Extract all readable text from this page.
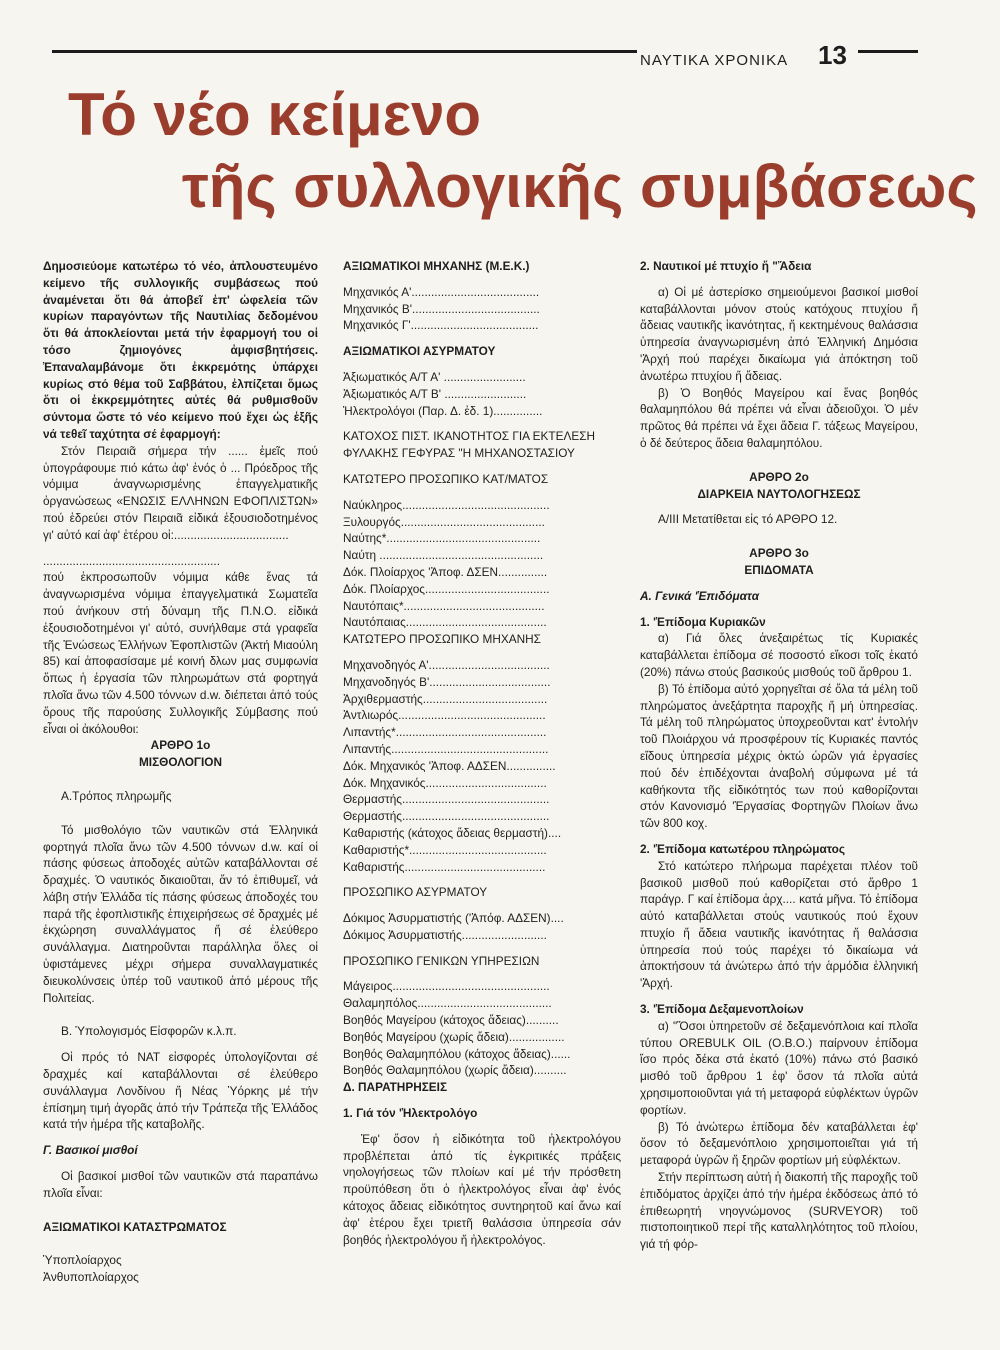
ΝΑΥΤΙΚΑ ΧΡΟΝΙΚΑ 13
Τό νέο κείμενο
τῆς συλλογικῆς συμβάσεως

Δημοσιεύομε κατωτέρω τό νέο, ἀπλουστευμένο κείμενο τῆς συλλογικῆς συμβάσεως πού ἀναμένεται ὅτι θά ἀποβεῖ ἐπ' ὠφελεία τῶν κυρίων παραγόντων τῆς Ναυτιλίας δεδομένου ὅτι θά ἀποκλείονται μετά τήν ἐφαρμογή του οἱ τόσο ζημιογόνες ἀμφισβητήσεις. Ἐπαναλαμβάνομε ὅτι ἐκκρεμότης ὑπάρχει κυρίως στό θέμα τοῦ Σαββάτου, ἐλπίζεται ὅμως ὅτι οἱ ἐκκρεμμότητες αὐτές θά ρυθμισθοῦν σύντομα ὥστε τό νέο κείμενο πού ἔχει ὡς ἑξῆς νά τεθεῖ ταχύτητα σέ ἐφαρμογή:

Στόν Πειραιᾶ σήμερα τήν ...... ἐμεῖς πού ὑπογράφουμε πιό κάτω ἀφ' ἑνός ὁ ... Πρόεδρος τῆς νόμιμα ἀναγνωρισμένης ἐπαγγελματικῆς ὀργανώσεως «ΕΝΩΣΙΣ ΕΛΛΗΝΩΝ ΕΦΟΠΛΙΣΤΩΝ» πού ἑδρεύει στόν Πειραιᾶ εἰδικά ἐξουσιοδοτημένος γι' αὐτό καί ἀφ' ἑτέρου οἱ:...................................

......................................................

πού ἐκπροσωποῦν νόμιμα κάθε ἕνας τά ἀναγνωρισμένα νόμιμα ἐπαγγελματικά Σωματεῖα πού ἀνήκουν στή δύναμη τῆς Π.Ν.Ο. εἰδικά ἐξουσιοδοτημένοι γι' αὐτό, συνήλθαμε στά γραφεῖα τῆς Ἑνώσεως Ἑλλήνων Ἐφοπλιστῶν (Ἀκτή Μιαούλη 85) καί ἀποφασίσαμε μέ κοινή δλων μας συμφωνία ὅπως ἡ ἐργασία τῶν πληρωμάτων στά φορτηγά πλοῖα ἄνω τῶν 4.500 τόννων d.w. διέπεται ἀπό τούς ὅρους τῆς παρούσης Συλλογικῆς Σύμβασης πού εἶναι οἱ ἀκόλουθοι:

ΑΡΘΡΟ 1ο

ΜΙΣΘΟΛΟΓΙΟΝ

Α.Τρόπος πληρωμῆς

Τό μισθολόγιο τῶν ναυτικῶν στά Ἑλληνικά φορτηγά πλοῖα ἄνω τῶν 4.500 τόννων d.w. καί οἱ πάσης φύσεως ἀποδοχές αὐτῶν καταβάλλονται σέ δραχμές. Ὁ ναυτικός δικαιοῦται, ἄν τό ἐπιθυμεῖ, νά λάβη στήν Ἑλλάδα τίς πάσης φύσεως ἀποδοχές του παρά τῆς ἐφοπλιστικῆς ἐπιχειρήσεως σέ δραχμές μέ ἐκχώρηση συναλλάγματος ἤ σέ ἐλεύθερο συνάλλαγμα. Διατηροῦνται παράλληλα ὅλες οἱ ὑφιστάμενες μέχρι σήμερα συναλλαγματικές διευκολύνσεις ὑπέρ τοῦ ναυτικοῦ ἀπό μέρους τῆς Πολιτείας.

Β. Ὑπολογισμός Εἰσφορῶν κ.λ.π.

Οἱ πρός τό ΝΑΤ εἰσφορές ὑπολογίζονται σέ δραχμές καί καταβάλλονται σέ ἐλεύθερο συνάλλαγμα Λονδίνου ἤ Νέας Ὑόρκης μέ τήν ἐπίσημη τιμή ἀγορᾶς ἀπό τήν Τράπεζα τῆς Ἑλλάδος κατά τήν ἡμέρα τῆς καταβολῆς.

Γ. Βασικοί μισθοί

Οἱ βασικοί μισθοί τῶν ναυτικῶν στά παραπάνω πλοῖα εἶναι:

ΑΞΙΩΜΑΤΙΚΟΙ ΚΑΤΑΣΤΡΩΜΑΤΟΣ

Ὑποπλοίαρχος

Ἀνθυποπλοίαρχος

ΑΞΙΩΜΑΤΙΚΟΙ ΜΗΧΑΝΗΣ (Μ.Ε.Κ.)

Μηχανικός Α'.......................................

Μηχανικός Β'.......................................

Μηχανικός Γ'.......................................

ΑΞΙΩΜΑΤΙΚΟΙ ΑΣΥΡΜΑΤΟΥ

Ἀξιωματικός Α/Τ Α' .........................

Ἀξιωματικός Α/Τ Β' .........................

Ἠλεκτρολόγοι (Παρ. Δ. ἐδ. 1)...............

ΚΑΤΟΧΟΣ ΠΙΣΤ. ΙΚΑΝΟΤΗΤΟΣ ΓΙΑ ΕΚΤΕΛΕΣΗ ΦΥΛΑΚΗΣ ΓΕΦΥΡΑΣ "Η ΜΗΧΑΝΟΣΤΑΣΙΟΥ

ΚΑΤΩΤΕΡΟ ΠΡΟΣΩΠΙΚΟ ΚΑΤ/ΜΑΤΟΣ

Ναύκληρος.............................................

Ξυλουργός............................................

Ναύτης*...............................................

Ναύτη ..................................................

Δόκ. Πλοίαρχος 'Ἀποφ. ΔΣΕΝ...............

Δόκ. Πλοίαρχος......................................

Ναυτόπαις*...........................................

Ναυτόπαιας...........................................

ΚΑΤΩΤΕΡΟ ΠΡΟΣΩΠΙΚΟ ΜΗΧΑΝΗΣ

Μηχανοδηγός Α'.....................................

Μηχανοδηγός Β'.....................................

Ἀρχιθερμαστής......................................

Ἀντλιωρός.............................................

Λιπαντής*..............................................

Λιπαντής................................................

Δόκ. Μηχανικός 'Ἀποφ. ΑΔΣΕΝ...............

Δόκ. Μηχανικός.....................................

Θερμαστής.............................................

Θερμαστής.............................................

Καθαριστής (κάτοχος ἄδειας θερμαστή)....

Καθαριστής*..........................................

Καθαριστής...........................................

ΠΡΟΣΩΠΙΚΟ ΑΣΥΡΜΑΤΟΥ

Δόκιμος Ἀσυρματιστής ('Ἀπόφ. ΑΔΣΕΝ)....

Δόκιμος Ἀσυρματιστής..........................

ΠΡΟΣΩΠΙΚΟ ΓΕΝΙΚΩΝ ΥΠΗΡΕΣΙΩΝ

Μάγειρος................................................

Θαλαμηπόλος.........................................

Βοηθός Μαγείρου (κάτοχος ἄδειας)..........

Βοηθός Μαγείρου (χωρίς ἄδεια).................

Βοηθός Θαλαμηπόλου (κάτοχος ἄδειας)......

Βοηθός Θαλαμηπόλου (χωρίς ἄδεια)..........

Δ. ΠΑΡΑΤΗΡΗΣΕΙΣ

1. Γιά τόν 'Ἠλεκτρολόγο

Ἐφ' ὅσον ἡ εἰδικότητα τοῦ ἠλεκτρολόγου προβλέπεται ἀπό τίς ἐγκριτικές πράξεις νηολογήσεως τῶν πλοίων καί μέ τήν πρόσθετη προϋπόθεση ὅτι ὁ ἠλεκτρολόγος εἶναι ἀφ' ἑνός κάτοχος ἄδειας εἰδικότητος συντηρητοῦ καί ἄνω καί ἀφ' ἑτέρου ἔχει τριετῆ θαλάσσια ὑπηρεσία σάν βοηθός ἠλεκτρολόγου ἤ ἠλεκτρολόγος.

2. Ναυτικοί μέ πτυχίο ἤ "Ἄδεια

α) Οἱ μέ ἀστερίσκο σημειούμενοι βασικοί μισθοί καταβάλλονται μόνον στούς κατόχους πτυχίου ἤ ἄδειας ναυτικῆς ἱκανότητας, ἤ κεκτημένους θαλάσσια ὑπηρεσία ἀναγνωρισμένη ἀπό Ἑλληνική Δημόσια 'Ἀρχή πού παρέχει δικαίωμα γιά ἀπόκτηση τοῦ ἀνωτέρω πτυχίου ἤ ἄδειας.

β) Ὁ Βοηθός Μαγείρου καί ἕνας βοηθός θαλαμηπόλου θά πρέπει νά εἶναι ἀδειοῦχοι. Ὁ μέν πρῶτος θά πρέπει νά ἔχει ἄδεια Γ. τάξεως Μαγείρου, ὁ δέ δεύτερος ἄδεια θαλαμηπόλου.

ΑΡΘΡΟ 2ο

ΔΙΑΡΚΕΙΑ ΝΑΥΤΟΛΟΓΗΣΕΩΣ

Α/ΙΙΙ Μετατίθεται εἰς τό ΑΡΘΡΟ 12.

ΑΡΘΡΟ 3ο

ΕΠΙΔΟΜΑΤΑ

Α. Γενικά 'Ἐπιδόματα

1. 'Ἐπίδομα Κυριακῶν

α) Γιά ὅλες ἀνεξαιρέτως τίς Κυριακές καταβάλλεται ἐπίδομα σέ ποσοστό εἴκοσι τοῖς ἑκατό (20%) πάνω στούς βασικούς μισθούς τοῦ ἄρθρου 1.

β) Τό ἐπίδομα αὐτό χορηγεῖται σέ ὅλα τά μέλη τοῦ πληρώματος ἀνεξάρτητα παροχῆς ἤ μή ὑπηρεσίας. Τά μέλη τοῦ πληρώματος ὑποχρεοῦνται κατ' ἐντολήν τοῦ Πλοιάρχου νά προσφέρουν τίς Κυριακές παντός εἴδους ὑπηρεσία μέχρις ὀκτώ ὡρῶν γιά ἐργασίες πού δέν ἐπιδέχονται ἀναβολή σύμφωνα μέ τά καθήκοντα τῆς εἰδικότητός των πού καθορίζονται στόν Κανονισμό 'Ἐργασίας Φορτηγῶν Πλοίων ἄνω τῶν 800 κοχ.

2. 'Ἐπίδομα κατωτέρου πληρώματος

Στό κατώτερο πλήρωμα παρέχεται πλέον τοῦ βασικοῦ μισθοῦ πού καθορίζεται στό ἄρθρο 1 παράγρ. Γ καί ἐπίδομα ἀρχ.... κατά μῆνα. Τό ἐπίδομα αὐτό καταβάλλεται στούς ναυτικούς πού ἔχουν πτυχίο ἤ ἄδεια ναυτικῆς ἱκανότητας ἤ θαλάσσια ὑπηρεσία πού τούς παρέχει τό δικαίωμα νά ἀποκτήσουν τά ἀνώτερω ἀπό τήν ἁρμόδια ἑλληνική 'Ἀρχή.

3. 'Ἐπίδομα Δεξαμενοπλοίων

α) "Ὅσοι ὑπηρετοῦν σέ δεξαμενόπλοια καί πλοῖα τύπου OREBULK OIL (O.B.O.) παίρνουν ἐπίδομα ἴσο πρός δέκα στά ἑκατό (10%) πάνω στό βασικό μισθό τοῦ ἄρθρου 1 ἐφ' ὅσον τά πλοῖα αὐτά χρησιμοποιοῦνται γιά τή μεταφορά εὐφλέκτων ὑγρῶν φορτίων.

β) Τό ἀνώτερω ἐπίδομα δέν καταβάλλεται ἐφ' ὅσον τό δεξαμενόπλοιο χρησιμοποιεῖται γιά τή μεταφορά ὑγρῶν ἤ ξηρῶν φορτίων μή εὐφλέκτων.

Στήν περίπτωση αὐτή ἡ διακοπή τῆς παροχῆς τοῦ ἐπιδόματος ἀρχίζει ἀπό τήν ἡμέρα ἐκδόσεως ἀπό τό ἐπιθεωρητή νηογνώμονος (SURVEYOR) τοῦ πιστοποιητικοῦ περί τῆς καταλληλότητος τοῦ πλοίου, γιά τή φόρ-
